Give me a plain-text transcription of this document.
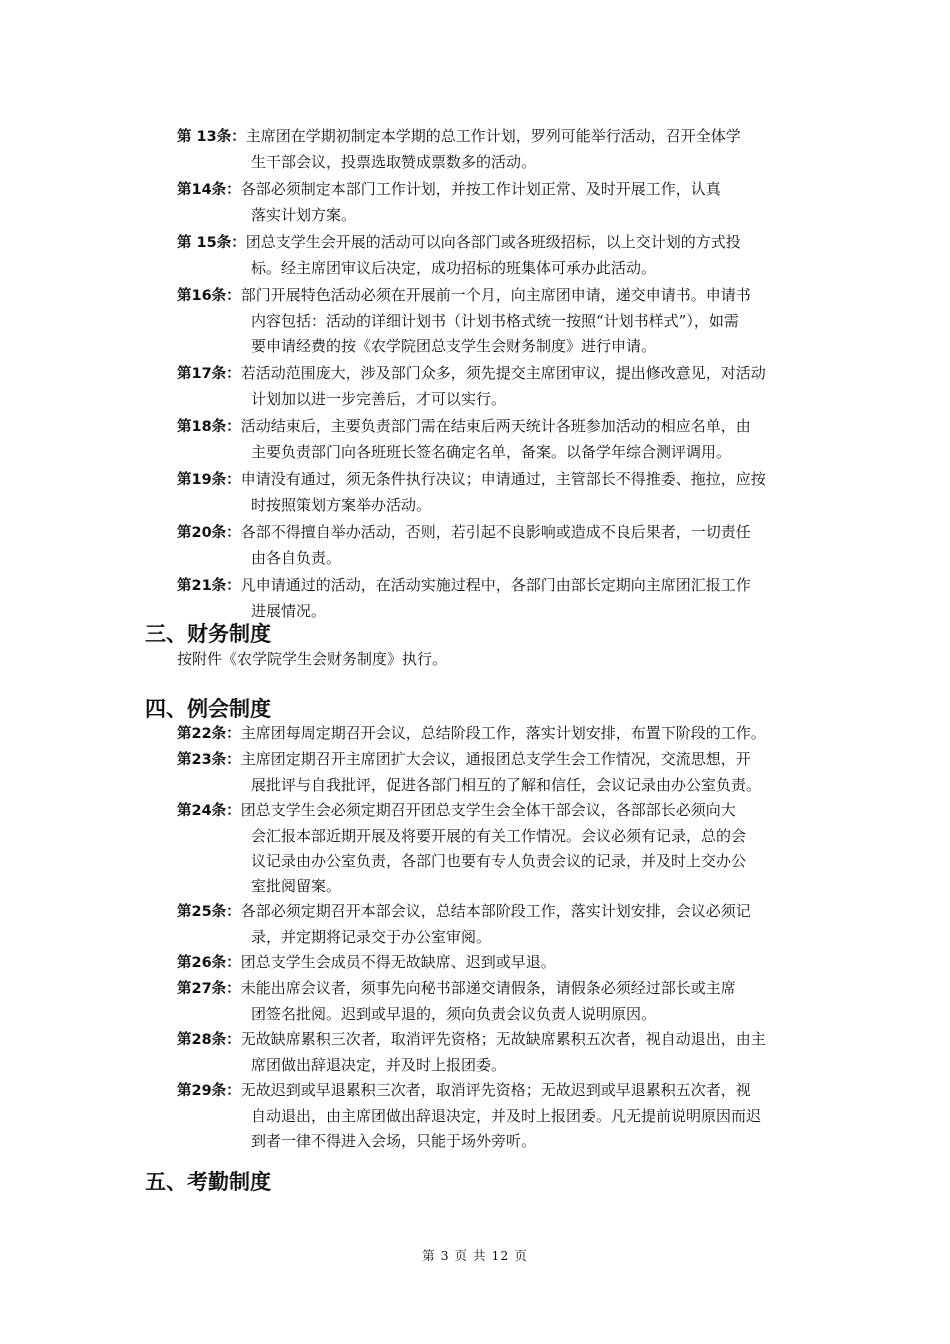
第 13条：主席团在学期初制定本学期的总工作计划，罗列可能举行活动，召开全体学
生干部会议，投票选取赞成票数多的活动。
第14条：各部必须制定本部门工作计划，并按工作计划正常、及时开展工作，认真
落实计划方案。
第 15条：团总支学生会开展的活动可以向各部门或各班级招标，以上交计划的方式投
标。经主席团审议后决定，成功招标的班集体可承办此活动。
第16条：部门开展特色活动必须在开展前一个月，向主席团申请，递交申请书。申请书
内容包括：活动的详细计划书（计划书格式统一按照“计划书样式”），如需
要申请经费的按《农学院团总支学生会财务制度》进行申请。
第17条：若活动范围庞大，涉及部门众多，须先提交主席团审议，提出修改意见，对活动
计划加以进一步完善后，才可以实行。
第18条：活动结束后，主要负责部门需在结束后两天统计各班参加活动的相应名单，由
主要负责部门向各班班长签名确定名单，备案。以备学年综合测评调用。
第19条：申请没有通过，须无条件执行决议；申请通过，主管部长不得推委、拖拉，应按
时按照策划方案举办活动。
第20条：各部不得擅自举办活动，否则，若引起不良影响或造成不良后果者，一切责任
由各自负责。
第21条：凡申请通过的活动，在活动实施过程中，各部门由部长定期向主席团汇报工作
进展情况。
三、财务制度
按附件《农学院学生会财务制度》执行。
四、例会制度
第22条：主席团每周定期召开会议，总结阶段工作，落实计划安排，布置下阶段的工作。
第23条：主席团定期召开主席团扩大会议，通报团总支学生会工作情况，交流思想，开
展批评与自我批评，促进各部门相互的了解和信任，会议记录由办公室负责。
第24条：团总支学生会必须定期召开团总支学生会全体干部会议，各部部长必须向大
会汇报本部近期开展及将要开展的有关工作情况。会议必须有记录，总的会
议记录由办公室负责，各部门也要有专人负责会议的记录，并及时上交办公
室批阅留案。
第25条：各部必须定期召开本部会议，总结本部阶段工作，落实计划安排，会议必须记
录，并定期将记录交于办公室审阅。
第26条：团总支学生会成员不得无故缺席、迟到或早退。
第27条：未能出席会议者，须事先向秘书部递交请假条，请假条必须经过部长或主席
团签名批阅。迟到或早退的，须向负责会议负责人说明原因。
第28条：无故缺席累积三次者，取消评先资格；无故缺席累积五次者，视自动退出，由主
席团做出辞退决定，并及时上报团委。
第29条：无故迟到或早退累积三次者，取消评先资格；无故迟到或早退累积五次者，视
自动退出，由主席团做出辞退决定，并及时上报团委。凡无提前说明原因而迟
到者一律不得进入会场，只能于场外旁听。
五、考勤制度
第 3 页 共 12 页
